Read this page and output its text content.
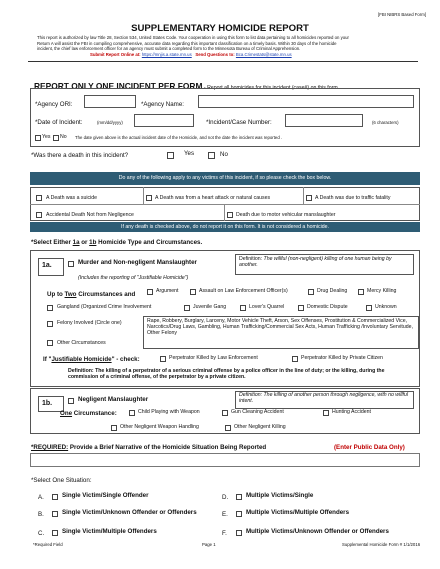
[FBI NIBRS Based Form]
SUPPLEMENTARY HOMICIDE REPORT
This report is authorized by law Title 28, Section 534, United States Code. Your cooperation in using this form to list data pertaining to all homicides reported on your
Return A will assist the FBI in compiling comprehensive, accurate data regarding this important classification on a timely basis. Within 30 days of the homicide
incident, the chief law enforcement officer for an agency must submit a completed form to the Minnesota Bureau of Criminal Apprehension.
Submit Report Online at: https://mnjis.a.state.mn.us Send Questions to: Bca.Crimestats@state.mn.us
REPORT ONLY ONE INCIDENT PER FORM - Report all homicides for this incident (case#) on this form.
*Agency ORI:	*Agency Name:
*Date of Incident:	(mm/dd/yyyy)	*Incident/Case Number:	(6 characters)
Yes No The date given above is the actual incident date of the Homicide, and not the date the incident was reported .
*Was there a death in this incident?	Yes	No
Do any of the following apply to any victims of this incident, if so please check the box below.
A Death was a suicide	A Death was from a heart attack or natural causes	A Death was due to traffic fatality
Accidental Death Not from Negligence	Death due to motor vehicular manslaughter
If any death is checked above, do not report it on this form. It is not considered a homicide.
*Select Either 1a or 1b Homicide Type and Circumstances.
1a.	Murder and Non-negligent Manslaughter
(Includes the reporting of "Justifiable Homicide")
Definition: The willful (non-negligent) killing of one human being by another.
Up to Two Circumstances and	Argument	Assault on Law Enforcement Officer(s)	Drug Dealing	Mercy Killing
Gangland (Organized Crime Involvement	Juvenile Gang	Lover's Quarrel	Domestic Dispute	Unknown
Felony Involved (Circle one)	Rape, Robbery, Burglary, Larceny, Motor Vehicle Theft, Arson, Sex Offenses, Prostitution & Commercialized Vice, Narcotics/Drug Laws, Gambling, Human Trafficking/Commercial Sex Acts, Human Trafficking /Involuntary Servitude, Other Felony
Other Circumstances
If "Justifiable Homicide" - check:	Perpetrator Killed by Law Enforcement	Perpetrator Killed by Private Citizen
Definition: The killing of a perpetrator of a serious criminal offense by a police officer in the line of duty; or the killing, during the commission of a criminal offense, of the perpetrator by a private citizen.
1b.
Negligent Manslaughter
Definition: The killing of another person through negligence, with no willful intent.
One Circumstance:	Child Playing with Weapon	Gun Cleaning Accident	Hunting Accident
Other Negligent Weapon Handling	Other Negligent Killing
*REQUIRED: Provide a Brief Narrative of the Homicide Situation Being Reported	(Enter Public Data Only)
*Select One Situation:
A.	Single Victim/Single Offender
B.	Single Victim/Unknown Offender or Offenders
C.	Single Victim/Multiple Offenders
D.	Multiple Victims/Single
E.	Multiple Victims/Multiple Offenders
F.	Multiple Victims/Unknown Offender or Offenders
*Required Field	Page 1	Supplemental Homicide Form # 1/1/2016
